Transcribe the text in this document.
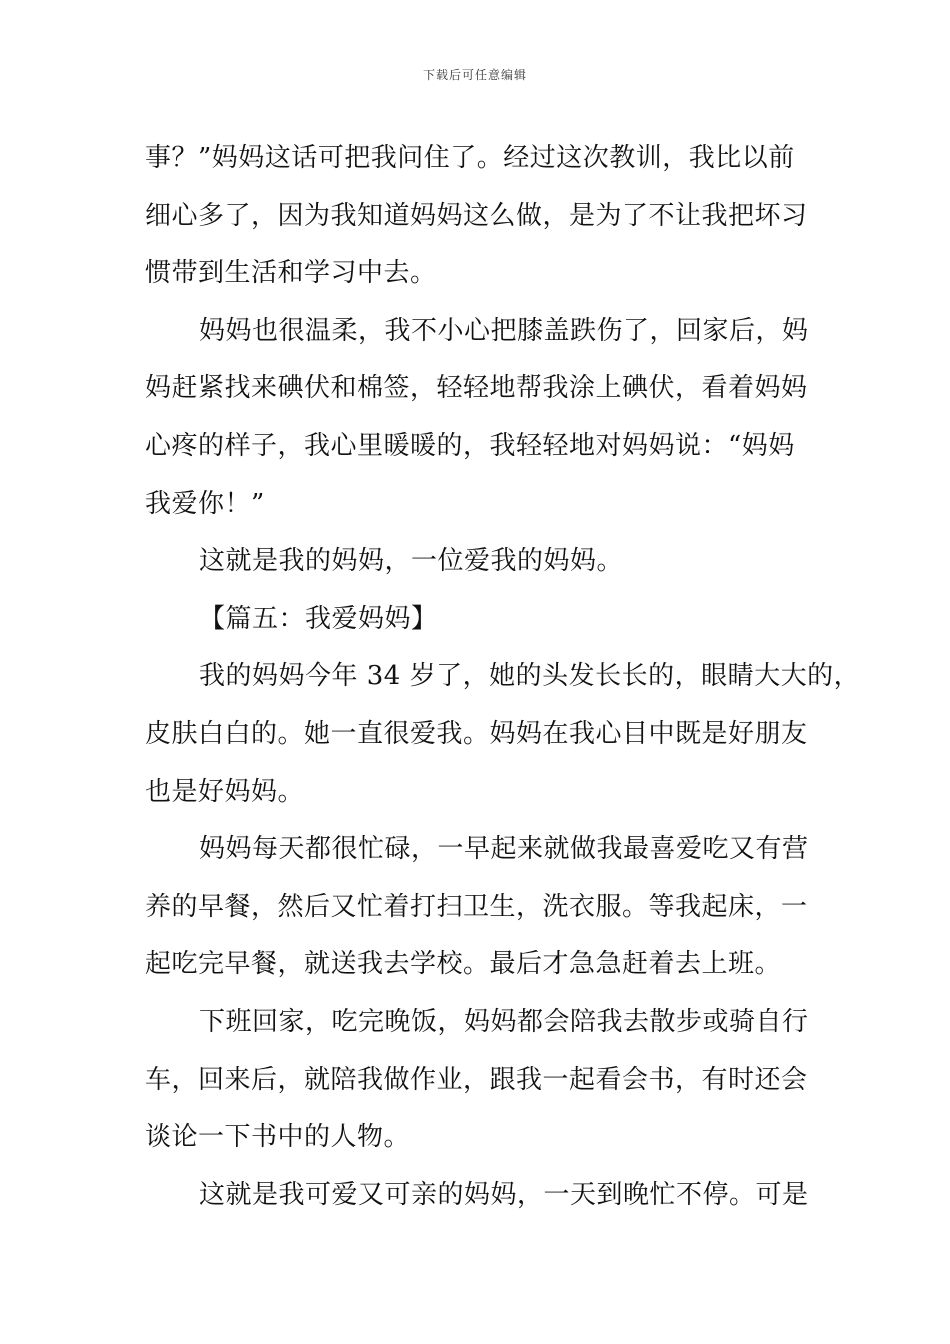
下载后可任意编辑
事？”妈妈这话可把我问住了。经过这次教训，我比以前
细心多了，因为我知道妈妈这么做，是为了不让我把坏习
惯带到生活和学习中去。
妈妈也很温柔，我不小心把膝盖跌伤了，回家后，妈
妈赶紧找来碘伏和棉签，轻轻地帮我涂上碘伏，看着妈妈
心疼的样子，我心里暖暖的，我轻轻地对妈妈说：“妈妈
我爱你！”
这就是我的妈妈，一位爱我的妈妈。
【篇五：我爱妈妈】
我的妈妈今年 34 岁了，她的头发长长的，眼睛大大的，
皮肤白白的。她一直很爱我。妈妈在我心目中既是好朋友
也是好妈妈。
妈妈每天都很忙碌，一早起来就做我最喜爱吃又有营
养的早餐，然后又忙着打扫卫生，洗衣服。等我起床，一
起吃完早餐，就送我去学校。最后才急急赶着去上班。
下班回家，吃完晚饭，妈妈都会陪我去散步或骑自行
车，回来后，就陪我做作业，跟我一起看会书，有时还会
谈论一下书中的人物。
这就是我可爱又可亲的妈妈，一天到晚忙不停。可是
